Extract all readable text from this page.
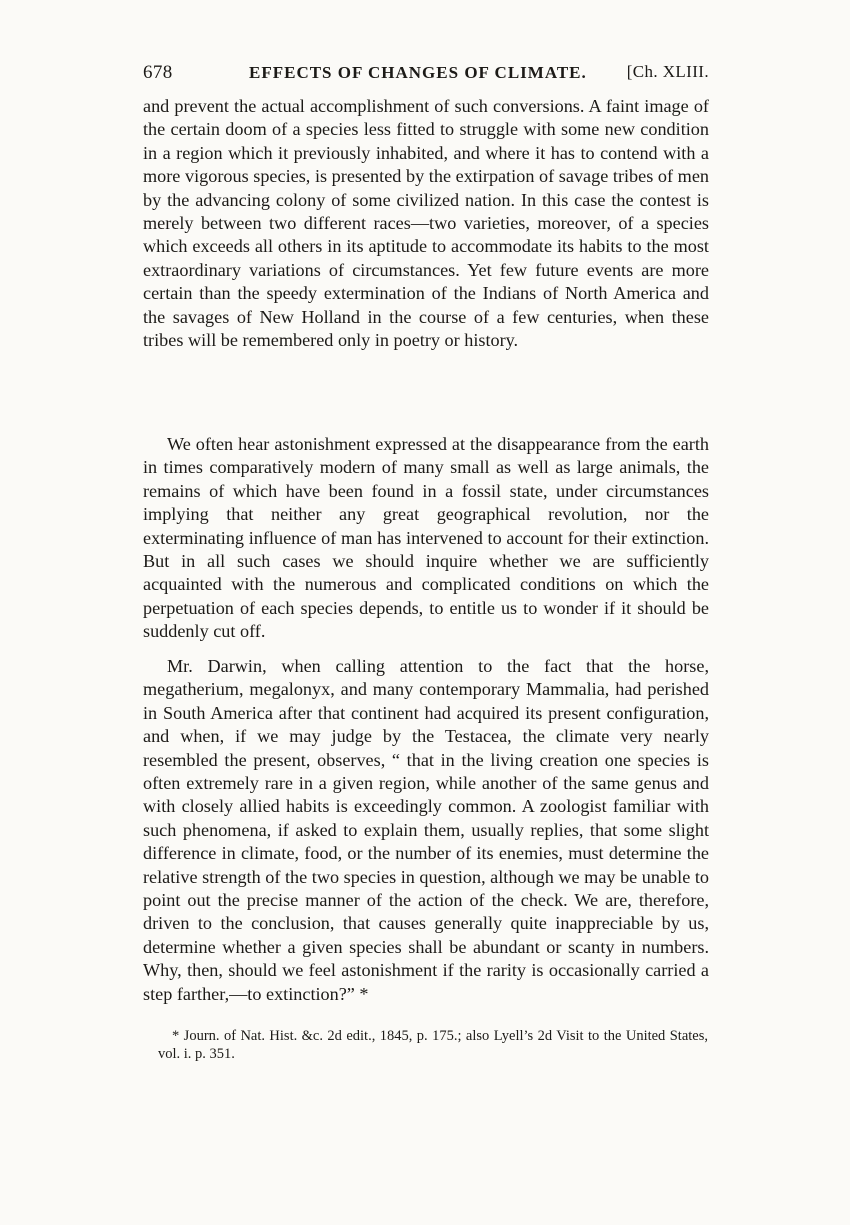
678	EFFECTS OF CHANGES OF CLIMATE. [Ch. XLIII.

and prevent the actual accomplishment of such conversions. A faint image of the certain doom of a species less fitted to struggle with some new condition in a region which it previously inhabited, and where it has to contend with a more vigorous species, is presented by the extirpation of savage tribes of men by the advancing colony of some civilized nation. In this case the contest is merely between two different races—two varieties, moreover, of a species which exceeds all others in its aptitude to accommodate its habits to the most extraordinary variations of circumstances. Yet few future events are more certain than the speedy extermination of the Indians of North America and the savages of New Holland in the course of a few centuries, when these tribes will be remembered only in poetry or history.

We often hear astonishment expressed at the disappearance from the earth in times comparatively modern of many small as well as large animals, the remains of which have been found in a fossil state, under circumstances implying that neither any great geographical revolution, nor the exterminating influence of man has intervened to account for their extinction. But in all such cases we should inquire whether we are sufficiently acquainted with the numerous and complicated conditions on which the perpetuation of each species depends, to entitle us to wonder if it should be suddenly cut off.

Mr. Darwin, when calling attention to the fact that the horse, megatherium, megalonyx, and many contemporary Mammalia, had perished in South America after that continent had acquired its present configuration, and when, if we may judge by the Testacea, the climate very nearly resembled the present, observes, “ that in the living creation one species is often extremely rare in a given region, while another of the same genus and with closely allied habits is exceedingly common. A zoologist familiar with such phenomena, if asked to explain them, usually replies, that some slight difference in climate, food, or the number of its enemies, must determine the relative strength of the two species in question, although we may be unable to point out the precise manner of the action of the check. We are, therefore, driven to the conclusion, that causes generally quite inappreciable by us, determine whether a given species shall be abundant or scanty in numbers. Why, then, should we feel astonishment if the rarity is occasionally carried a step farther,—to extinction?” *

* Journ. of Nat. Hist. &c. 2d edit., 1845, p. 175.; also Lyell’s 2d Visit to the United States, vol. i. p. 351.
